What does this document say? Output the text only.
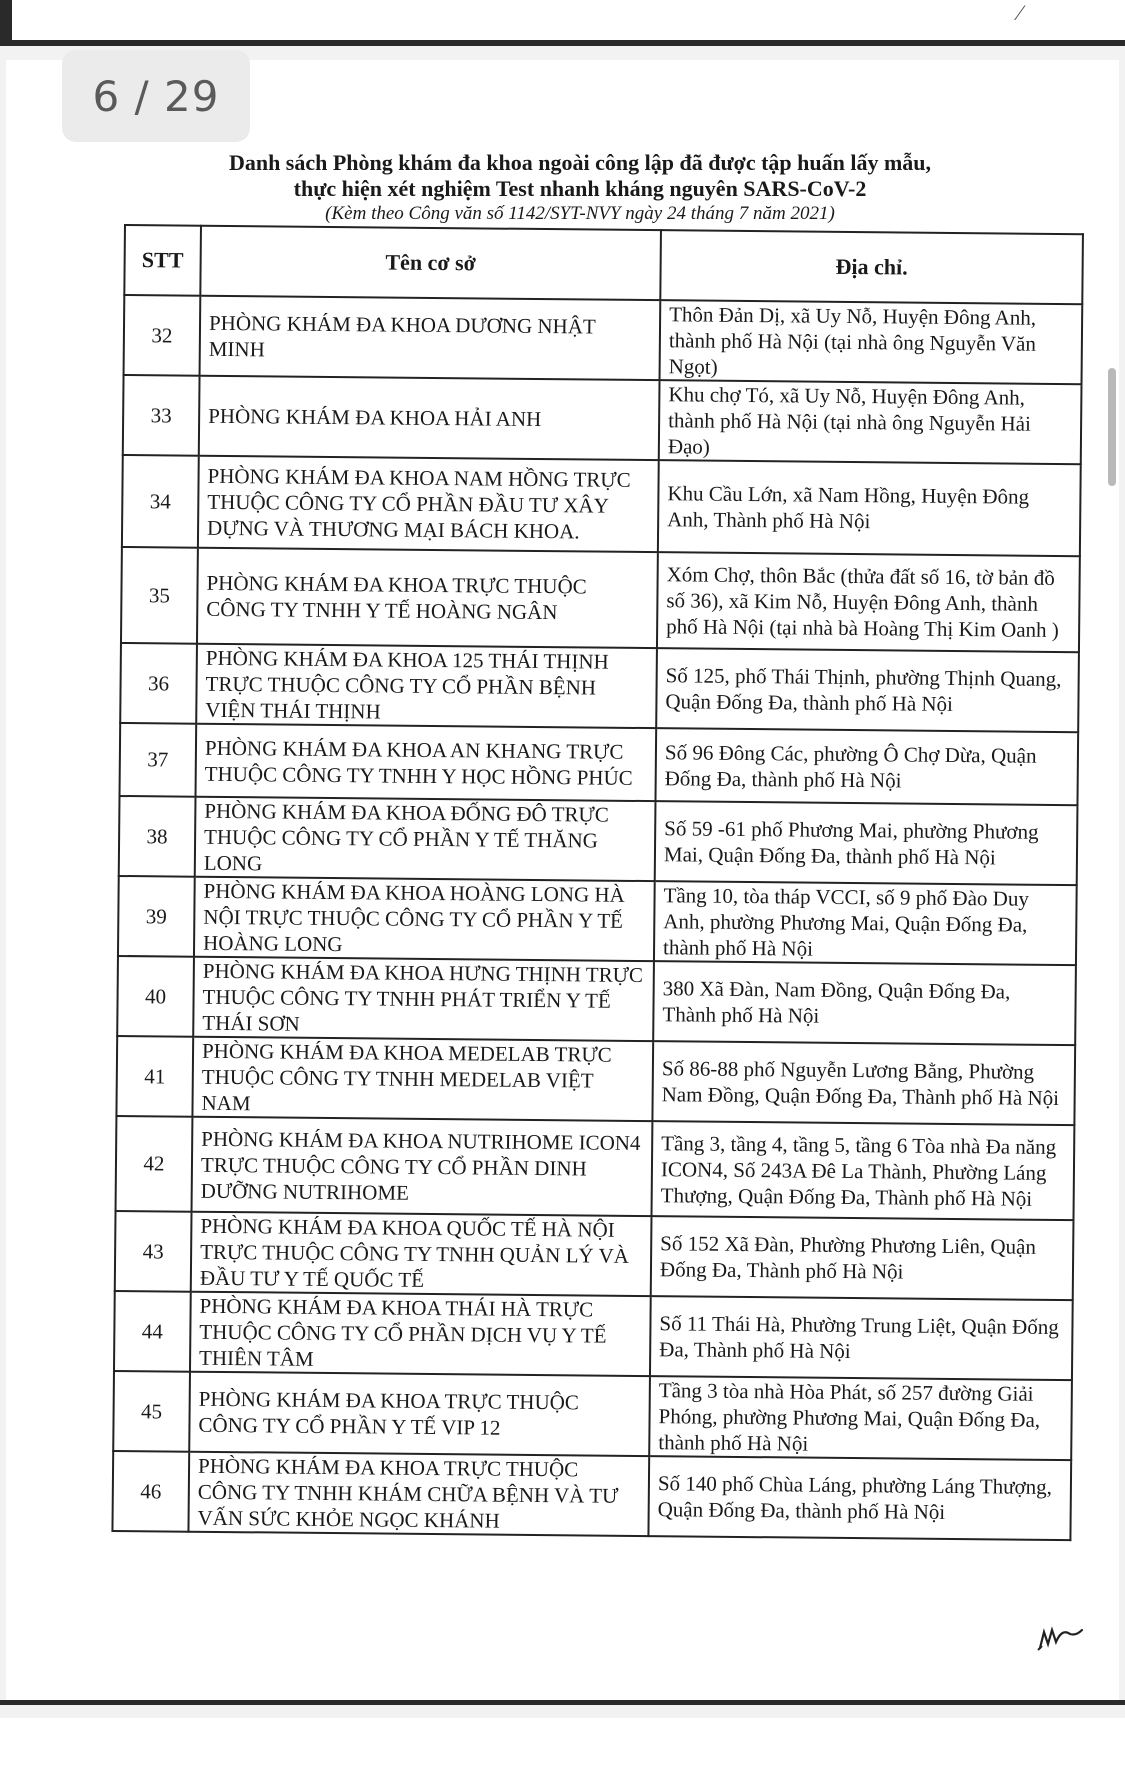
⁄
6 / 29
Danh sách Phòng khám đa khoa ngoài công lập đã được tập huấn lấy mẫu,
thực hiện xét nghiệm Test nhanh kháng nguyên SARS-CoV-2
(Kèm theo Công văn số 1142/SYT-NVY ngày 24 tháng 7 năm 2021)
STT	Tên cơ sở	Địa chỉ.
32	PHÒNG KHÁM ĐA KHOA DƯƠNG NHẬT MINH	Thôn Đản Dị, xã Uy Nỗ, Huyện Đông Anh, thành phố Hà Nội (tại nhà ông Nguyễn Văn Ngọt)
33	PHÒNG KHÁM ĐA KHOA HẢI ANH	Khu chợ Tó, xã Uy Nỗ, Huyện Đông Anh, thành phố Hà Nội (tại nhà ông Nguyễn Hải Đạo)
34	PHÒNG KHÁM ĐA KHOA NAM HỒNG TRỰC THUỘC CÔNG TY CỔ PHẦN ĐẦU TƯ XÂY DỰNG VÀ THƯƠNG MẠI BÁCH KHOA.	Khu Cầu Lớn, xã Nam Hồng, Huyện Đông Anh, Thành phố Hà Nội
35	PHÒNG KHÁM ĐA KHOA TRỰC THUỘC CÔNG TY TNHH Y TẾ HOÀNG NGÂN	Xóm Chợ, thôn Bắc (thửa đất số 16, tờ bản đồ số 36), xã Kim Nỗ, Huyện Đông Anh, thành phố Hà Nội (tại nhà bà Hoàng Thị Kim Oanh )
36	PHÒNG KHÁM ĐA KHOA 125 THÁI THỊNH TRỰC THUỘC CÔNG TY CỔ PHẦN BỆNH VIỆN THÁI THỊNH	Số 125, phố Thái Thịnh, phường Thịnh Quang, Quận Đống Đa, thành phố Hà Nội
37	PHÒNG KHÁM ĐA KHOA AN KHANG TRỰC THUỘC CÔNG TY TNHH Y HỌC HỒNG PHÚC	Số 96 Đông Các, phường Ô Chợ Dừa, Quận Đống Đa, thành phố Hà Nội
38	PHÒNG KHÁM ĐA KHOA ĐỐNG ĐÔ TRỰC THUỘC CÔNG TY CỔ PHẦN Y TẾ THĂNG LONG	Số 59 -61 phố Phương Mai, phường Phương Mai, Quận Đống Đa, thành phố Hà Nội
39	PHÒNG KHÁM ĐA KHOA HOÀNG LONG HÀ NỘI TRỰC THUỘC CÔNG TY CỔ PHẦN Y TẾ HOÀNG LONG	Tầng 10, tòa tháp VCCI, số 9 phố Đào Duy Anh, phường Phương Mai, Quận Đống Đa, thành phố Hà Nội
40	PHÒNG KHÁM ĐA KHOA HƯNG THỊNH TRỰC THUỘC CÔNG TY TNHH PHÁT TRIỂN Y TẾ THÁI SƠN	380 Xã Đàn, Nam Đồng, Quận Đống Đa, Thành phố Hà Nội
41	PHÒNG KHÁM ĐA KHOA MEDELAB TRỰC THUỘC CÔNG TY TNHH MEDELAB VIỆT NAM	Số 86-88 phố Nguyễn Lương Bằng, Phường Nam Đồng, Quận Đống Đa, Thành phố Hà Nội
42	PHÒNG KHÁM ĐA KHOA NUTRIHOME ICON4 TRỰC THUỘC CÔNG TY CỔ PHẦN DINH DƯỠNG NUTRIHOME	Tầng 3, tầng 4, tầng 5, tầng 6 Tòa nhà Đa năng ICON4, Số 243A Đê La Thành, Phường Láng Thượng, Quận Đống Đa, Thành phố Hà Nội
43	PHÒNG KHÁM ĐA KHOA QUỐC TẾ HÀ NỘI TRỰC THUỘC CÔNG TY TNHH QUẢN LÝ VÀ ĐẦU TƯ Y TẾ QUỐC TẾ	Số 152 Xã Đàn, Phường Phương Liên, Quận Đống Đa, Thành phố Hà Nội
44	PHÒNG KHÁM ĐA KHOA THÁI HÀ TRỰC THUỘC CÔNG TY CỔ PHẦN DỊCH VỤ Y TẾ THIÊN TÂM	Số 11 Thái Hà, Phường Trung Liệt, Quận Đống Đa, Thành phố Hà Nội
45	PHÒNG KHÁM ĐA KHOA TRỰC THUỘC CÔNG TY CỔ PHẦN Y TẾ VIP 12	Tầng 3 tòa nhà Hòa Phát, số 257 đường Giải Phóng, phường Phương Mai, Quận Đống Đa, thành phố Hà Nội
46	PHÒNG KHÁM ĐA KHOA TRỰC THUỘC CÔNG TY TNHH KHÁM CHỮA BỆNH VÀ TƯ VẤN SỨC KHỎE NGỌC KHÁNH	Số 140 phố Chùa Láng, phường Láng Thượng, Quận Đống Đa, thành phố Hà Nội
